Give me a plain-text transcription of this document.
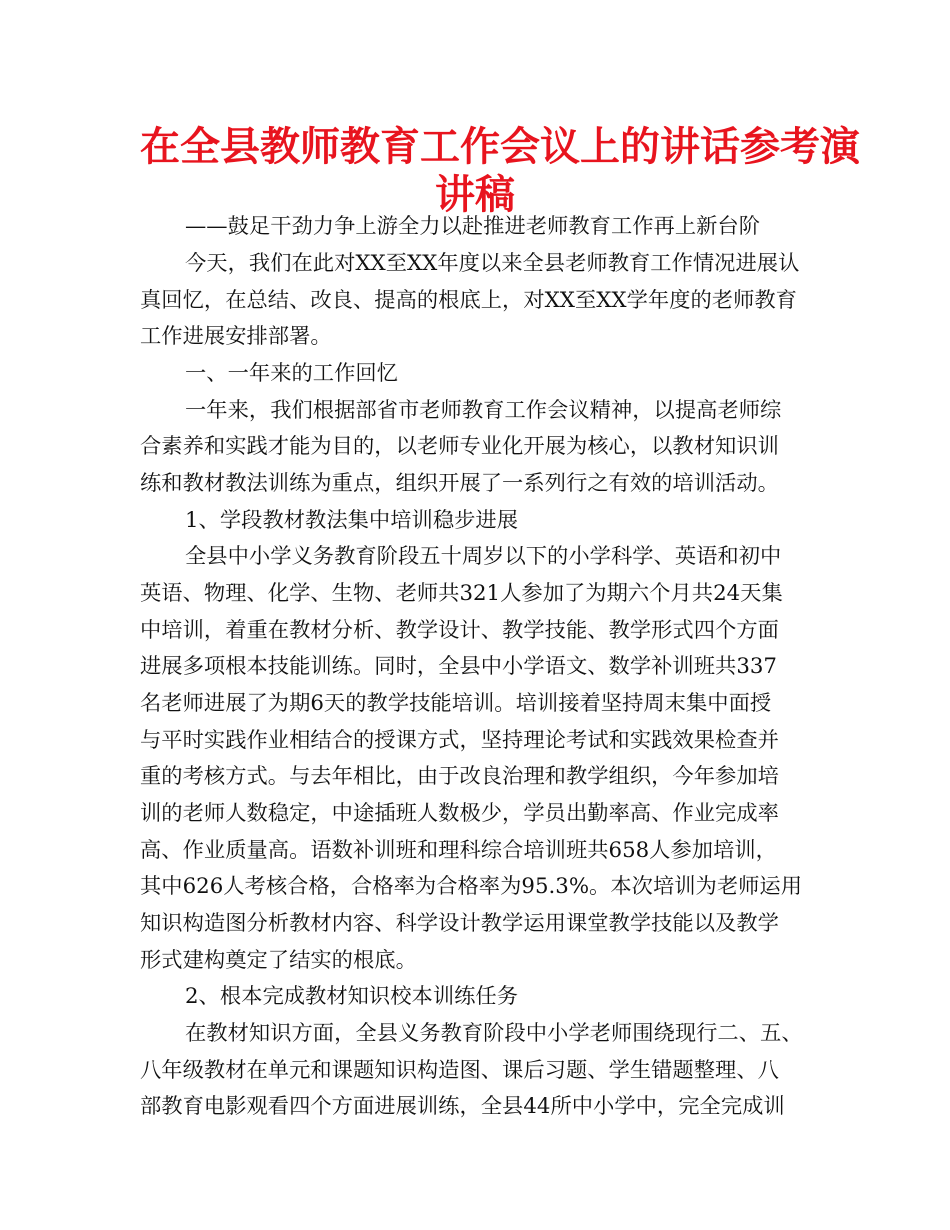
在全县教师教育工作会议上的讲话参考演
讲稿
——鼓足干劲力争上游全力以赴推进老师教育工作再上新台阶
今天，我们在此对XX至XX年度以来全县老师教育工作情况进展认
真回忆，在总结、改良、提高的根底上，对XX至XX学年度的老师教育
工作进展安排部署。
一、一年来的工作回忆
一年来，我们根据部省市老师教育工作会议精神，以提高老师综
合素养和实践才能为目的，以老师专业化开展为核心，以教材知识训
练和教材教法训练为重点，组织开展了一系列行之有效的培训活动。
1、学段教材教法集中培训稳步进展
全县中小学义务教育阶段五十周岁以下的小学科学、英语和初中
英语、物理、化学、生物、老师共321人参加了为期六个月共24天集
中培训，着重在教材分析、教学设计、教学技能、教学形式四个方面
进展多项根本技能训练。同时，全县中小学语文、数学补训班共337
名老师进展了为期6天的教学技能培训。培训接着坚持周末集中面授
与平时实践作业相结合的授课方式，坚持理论考试和实践效果检查并
重的考核方式。与去年相比，由于改良治理和教学组织，今年参加培
训的老师人数稳定，中途插班人数极少，学员出勤率高、作业完成率
高、作业质量高。语数补训班和理科综合培训班共658人参加培训，
其中626人考核合格，合格率为合格率为95.3%。本次培训为老师运用
知识构造图分析教材内容、科学设计教学运用课堂教学技能以及教学
形式建构奠定了结实的根底。
2、根本完成教材知识校本训练任务
在教材知识方面，全县义务教育阶段中小学老师围绕现行二、五、
八年级教材在单元和课题知识构造图、课后习题、学生错题整理、八
部教育电影观看四个方面进展训练，全县44所中小学中，完全完成训
